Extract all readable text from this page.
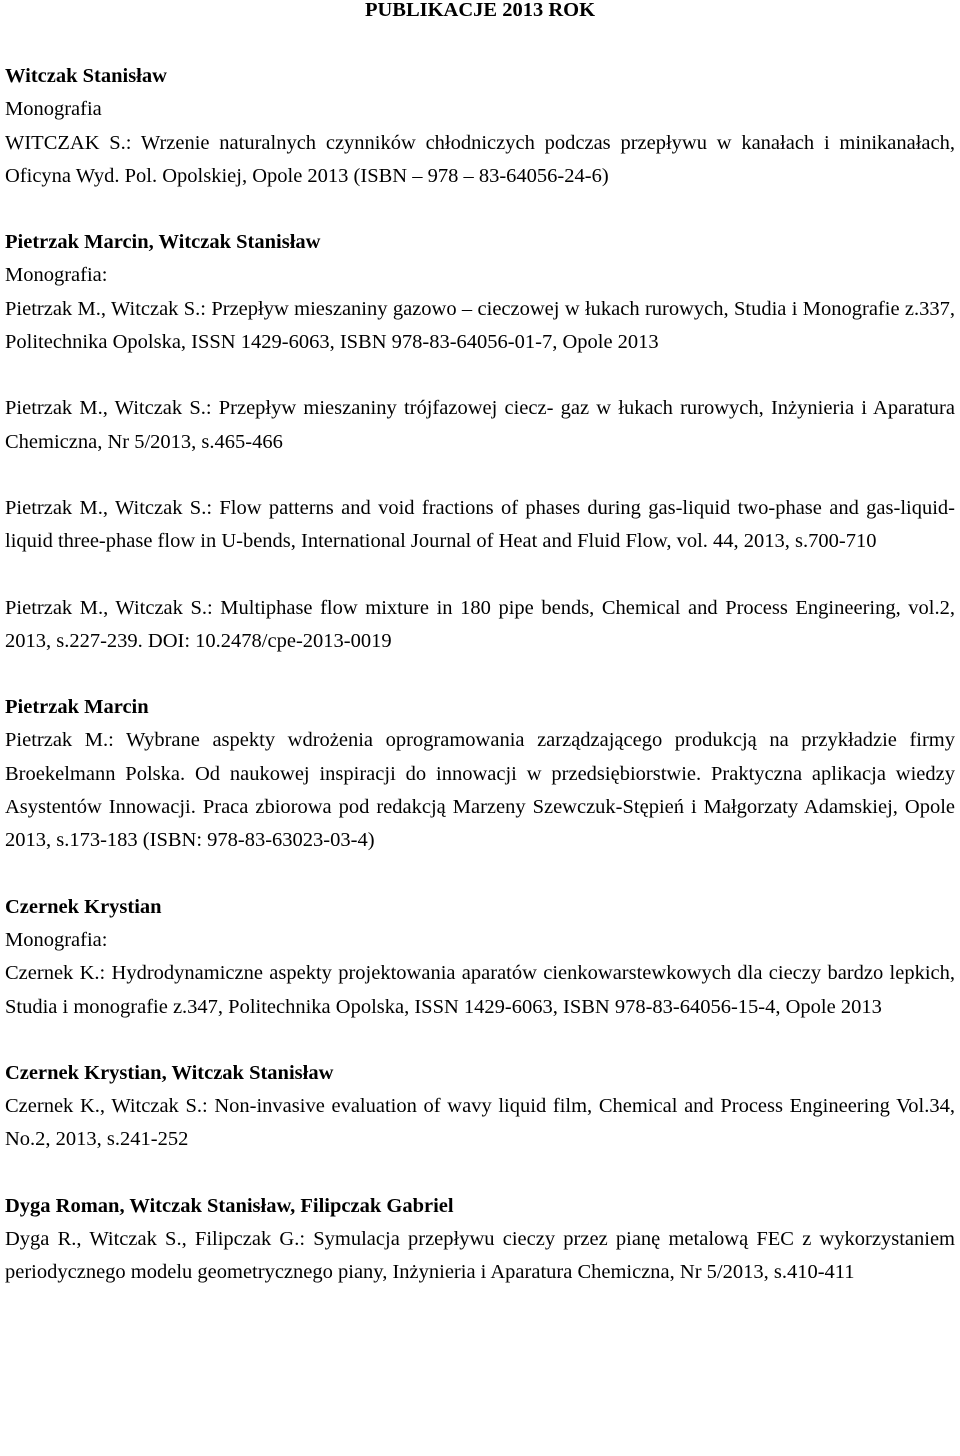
PUBLIKACJE 2013 ROK

Witczak Stanisław

Monografia

WITCZAK S.: Wrzenie naturalnych czynników chłodniczych podczas przepływu w kanałach i minikanałach, Oficyna Wyd. Pol. Opolskiej, Opole 2013 (ISBN – 978 – 83-64056-24-6)

Pietrzak Marcin, Witczak Stanisław

Monografia:

Pietrzak M., Witczak S.: Przepływ mieszaniny gazowo – cieczowej w łukach rurowych, Studia i Monografie z.337, Politechnika Opolska, ISSN 1429-6063, ISBN 978-83-64056-01-7, Opole 2013

Pietrzak M., Witczak S.: Przepływ mieszaniny trójfazowej ciecz- gaz w łukach rurowych, Inżynieria i Aparatura Chemiczna, Nr 5/2013, s.465-466

Pietrzak M., Witczak S.: Flow patterns and void fractions of phases during gas-liquid two-phase and gas-liquid-liquid three-phase flow in U-bends, International Journal of Heat and Fluid Flow, vol. 44, 2013, s.700-710

Pietrzak M., Witczak S.: Multiphase flow mixture in 180 pipe bends, Chemical and Process Engineering, vol.2, 2013, s.227-239. DOI: 10.2478/cpe-2013-0019

Pietrzak Marcin

Pietrzak M.: Wybrane aspekty wdrożenia oprogramowania zarządzającego produkcją na przykładzie firmy Broekelmann Polska. Od naukowej inspiracji do innowacji w przedsiębiorstwie. Praktyczna aplikacja wiedzy Asystentów Innowacji. Praca zbiorowa pod redakcją Marzeny Szewczuk-Stępień i Małgorzaty Adamskiej, Opole 2013, s.173-183 (ISBN: 978-83-63023-03-4)

Czernek Krystian

Monografia:

Czernek K.: Hydrodynamiczne aspekty projektowania aparatów cienkowarstewkowych dla cieczy bardzo lepkich, Studia i monografie z.347, Politechnika Opolska, ISSN 1429-6063, ISBN 978-83-64056-15-4, Opole 2013

Czernek Krystian, Witczak Stanisław

Czernek K., Witczak S.: Non-invasive evaluation of wavy liquid film, Chemical and Process Engineering Vol.34, No.2, 2013, s.241-252

Dyga Roman, Witczak Stanisław, Filipczak Gabriel

Dyga R., Witczak S., Filipczak G.: Symulacja przepływu cieczy przez pianę metalową FEC z wykorzystaniem periodycznego modelu geometrycznego piany, Inżynieria i Aparatura Chemiczna, Nr 5/2013, s.410-411
